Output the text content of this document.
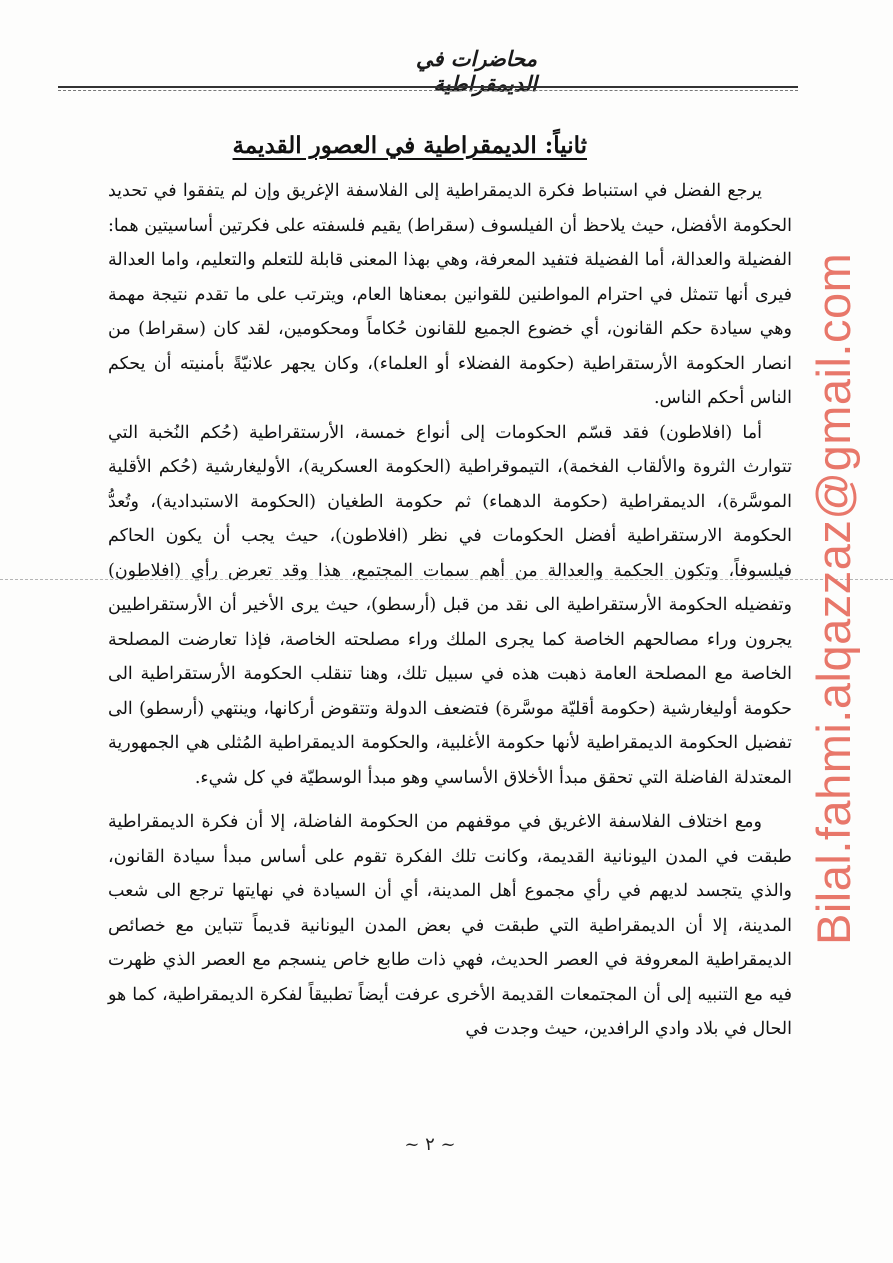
محاضرات في الديمقراطية
ثانياً: الديمقراطية في العصور القديمة

يرجع الفضل في استنباط فكرة الديمقراطية إلى الفلاسفة الإغريق وإن لم يتفقوا في تحديد الحكومة الأفضل، حيث يلاحظ أن الفيلسوف (سقراط) يقيم فلسفته على فكرتين أساسيتين هما: الفضيلة والعدالة، أما الفضيلة فتفيد المعرفة، وهي بهذا المعنى قابلة للتعلم والتعليم، واما العدالة فيرى أنها تتمثل في احترام المواطنين للقوانين بمعناها العام، ويترتب على ما تقدم نتيجة مهمة وهي سيادة حكم القانون، أي خضوع الجميع للقانون حُكاماً ومحكومين، لقد كان (سقراط) من انصار الحكومة الأرستقراطية (حكومة الفضلاء أو العلماء)، وكان يجهر علانيّةً بأمنيته أن يحكم الناس أحكم الناس.

أما (افلاطون) فقد قسّم الحكومات إلى أنواع خمسة، الأرستقراطية (حُكم النُخبة التي تتوارث الثروة والألقاب الفخمة)، التيموقراطية (الحكومة العسكرية)، الأوليغارشية (حُكم الأقلية الموسَّرة)، الديمقراطية (حكومة الدهماء) ثم حكومة الطغيان (الحكومة الاستبدادية)، وتُعدُّ الحكومة الارستقراطية أفضل الحكومات في نظر (افلاطون)، حيث يجب أن يكون الحاكم فيلسوفاً، وتكون الحكمة والعدالة من أهم سمات المجتمع، هذا وقد تعرض رأي (افلاطون) وتفضيله الحكومة الأرستقراطية الى نقد من قبل (أرسطو)، حيث يرى الأخير أن الأرستقراطيين يجرون وراء مصالحهم الخاصة كما يجرى الملك وراء مصلحته الخاصة، فإذا تعارضت المصلحة الخاصة مع المصلحة العامة ذهبت هذه في سبيل تلك، وهنا تنقلب الحكومة الأرستقراطية الى حكومة أوليغارشية (حكومة أقليّة موسَّرة) فتضعف الدولة وتتقوض أركانها، وينتهي (أرسطو) الى تفضيل الحكومة الديمقراطية لأنها حكومة الأغلبية، والحكومة الديمقراطية المُثلى هي الجمهورية المعتدلة الفاضلة التي تحقق مبدأ الأخلاق الأساسي وهو مبدأ الوسطيّة في كل شيء.

ومع اختلاف الفلاسفة الاغريق في موقفهم من الحكومة الفاضلة، إلا أن فكرة الديمقراطية طبقت في المدن اليونانية القديمة، وكانت تلك الفكرة تقوم على أساس مبدأ سيادة القانون، والذي يتجسد لديهم في رأي مجموع أهل المدينة، أي أن السيادة في نهايتها ترجع الى شعب المدينة، إلا أن الديمقراطية التي طبقت في بعض المدن اليونانية قديماً تتباين مع خصائص الديمقراطية المعروفة في العصر الحديث، فهي ذات طابع خاص ينسجم مع العصر الذي ظهرت فيه مع التنبيه إلى أن المجتمعات القديمة الأخرى عرفت أيضاً تطبيقاً لفكرة الديمقراطية، كما هو الحال في بلاد وادي الرافدين، حيث وجدت في

Bilal.fahmi.alqazzaz@gmail.com
~ ٢ ~
